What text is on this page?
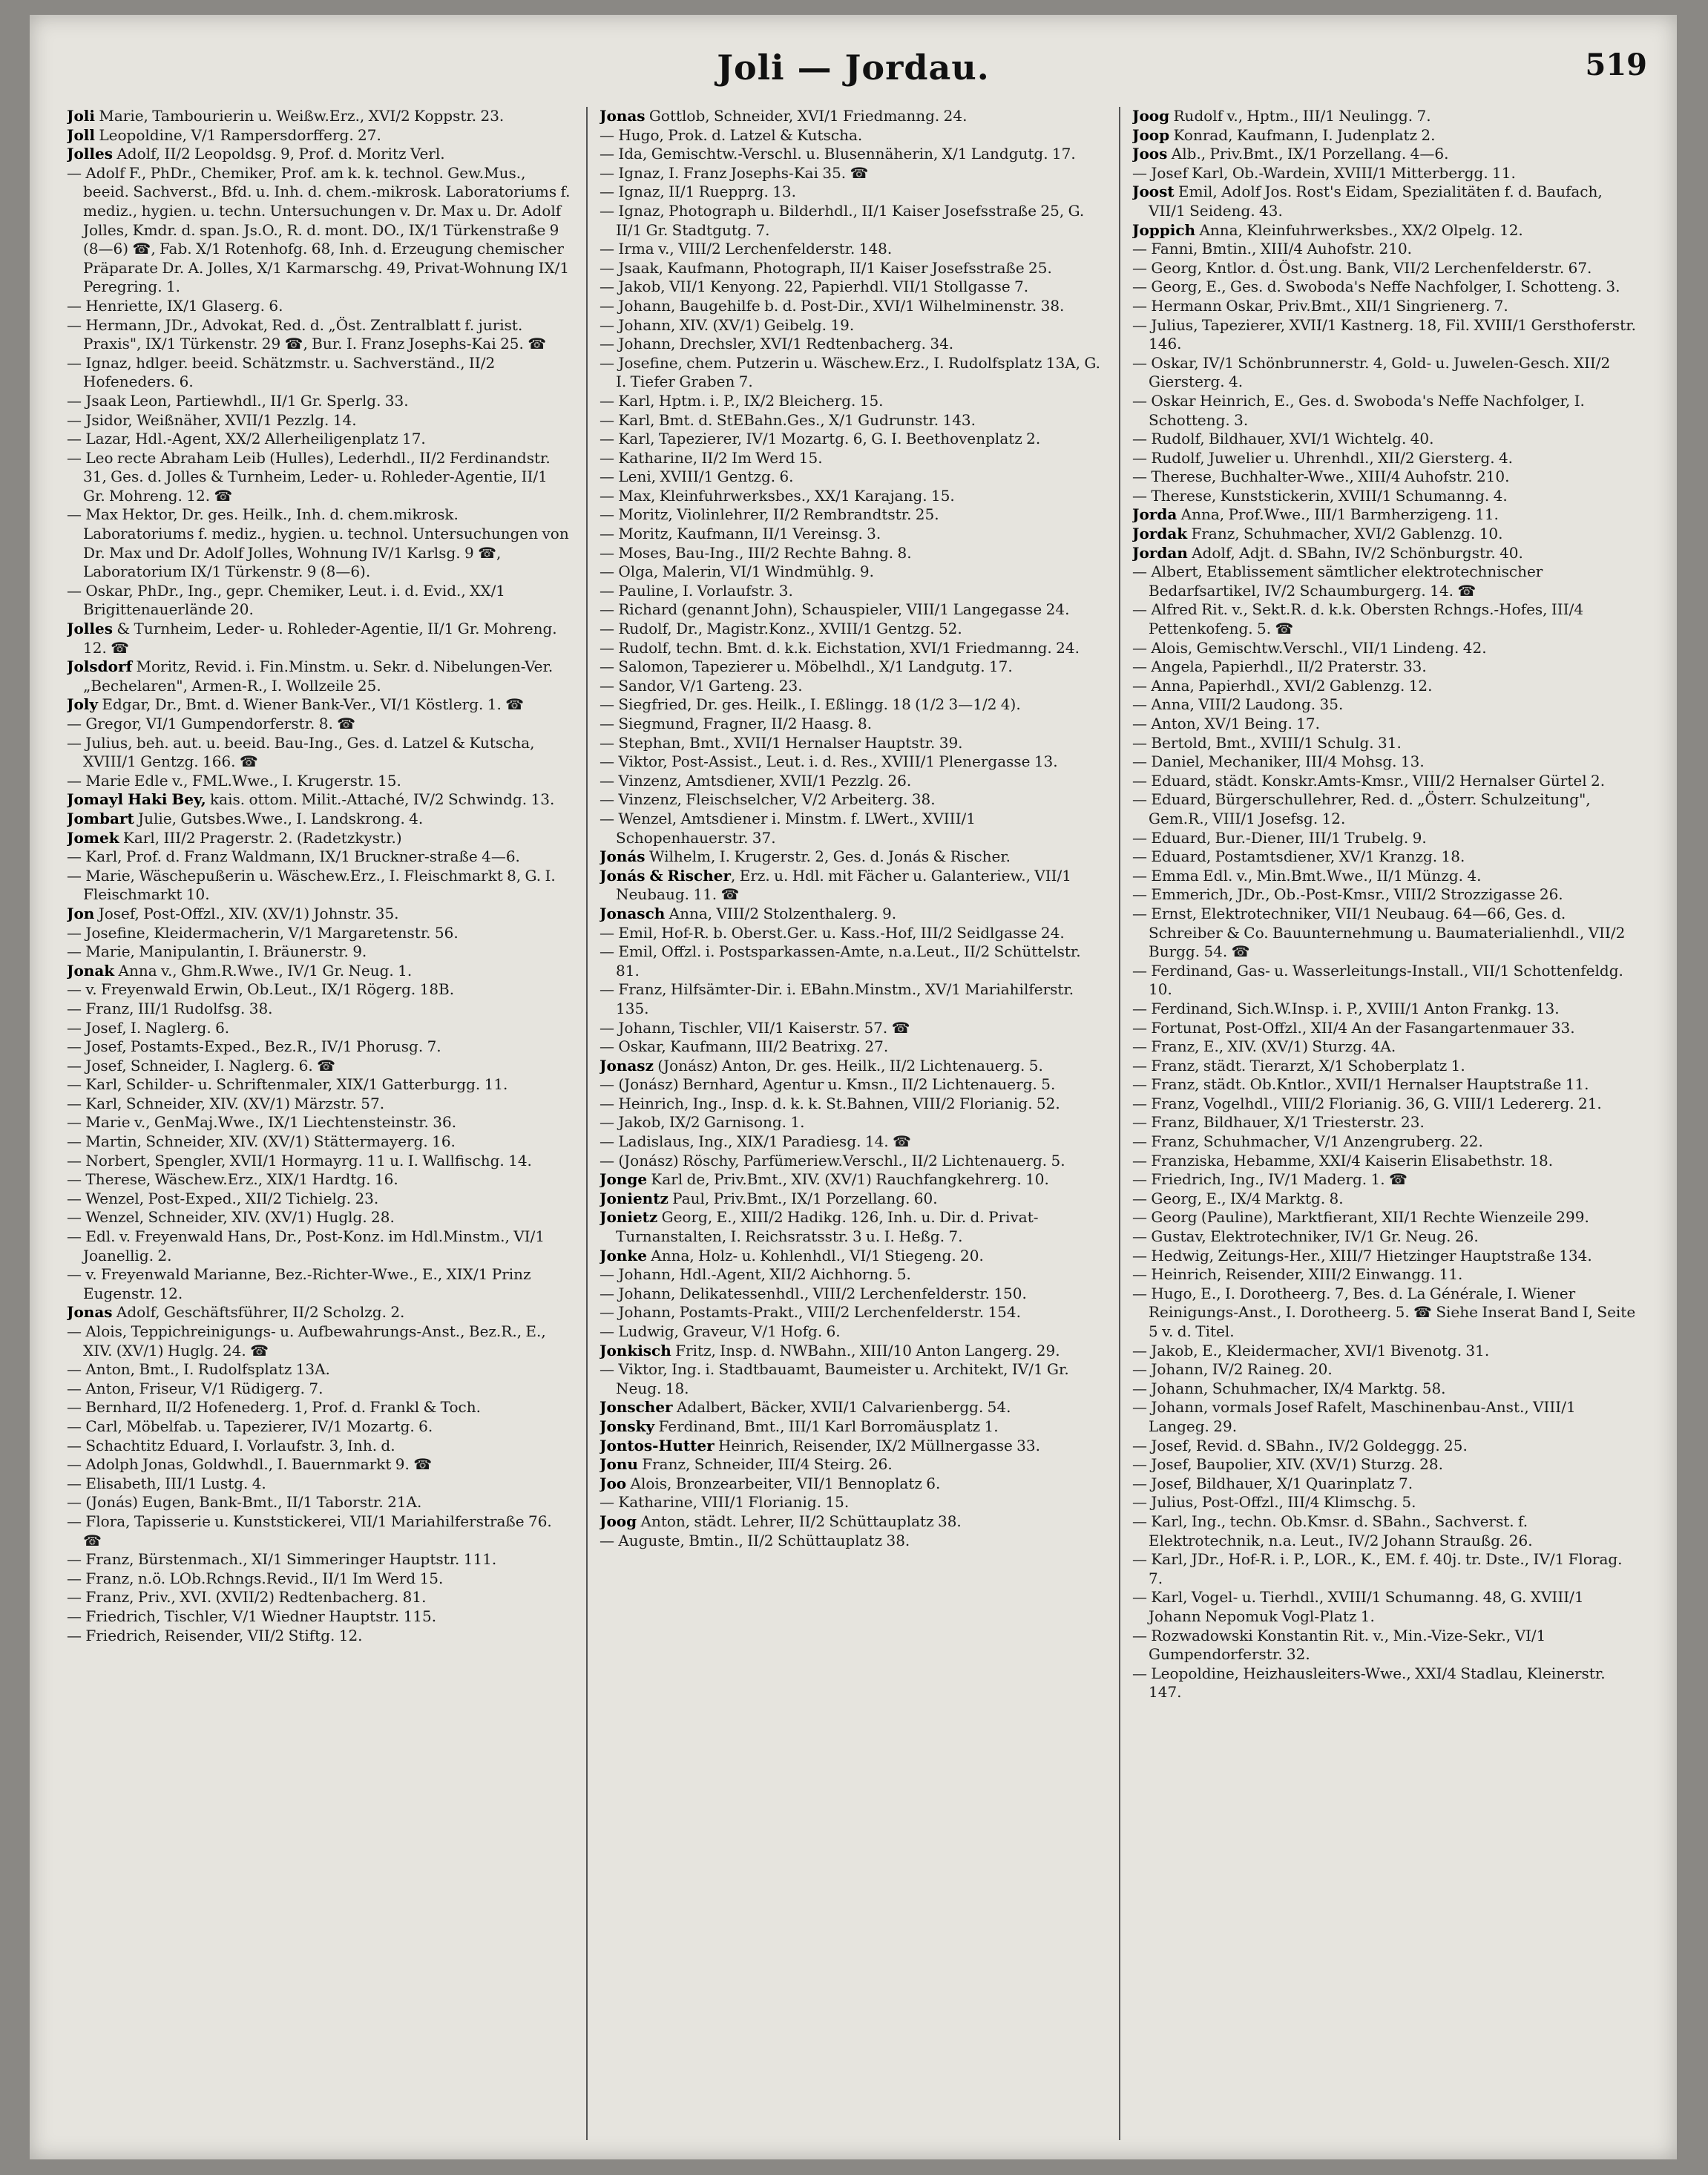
Joli — Jordau.	519
Joli Marie, Tambourierin u. Weißw.Erz., XVI/2 Koppstr. 23.
Joll Leopoldine, V/1 Rampersdorfferg. 27.
Jolles Adolf, II/2 Leopoldsg. 9, Prof. d. Moritz Verl.
— Adolf F., PhDr., Chemiker, Prof. am k. k. technol. Gew.Mus., beeid. Sachverst., Bfd. u. Inh. d. chem.-mikrosk. Laboratoriums f. mediz., hygien. u. techn. Untersuchungen v. Dr. Max u. Dr. Adolf Jolles, Kmdr. d. span. Js.O., R. d. mont. DO., IX/1 Türkenstraße 9 (8—6) ☎, Fab. X/1 Rotenhofg. 68, Inh. d. Erzeugung chemischer Präparate Dr. A. Jolles, X/1 Karmarschg. 49, Privat-Wohnung IX/1 Peregring. 1.
— Henriette, IX/1 Glaserg. 6.
— Hermann, JDr., Advokat, Red. d. „Öst. Zentralblatt f. jurist. Praxis", IX/1 Türkenstr. 29 ☎, Bur. I. Franz Josephs-Kai 25. ☎
— Ignaz, hdlger. beeid. Schätzmstr. u. Sachverständ., II/2 Hofeneders. 6.
— Jsaak Leon, Partiewhdl., II/1 Gr. Sperlg. 33.
— Jsidor, Weißnäher, XVII/1 Pezzlg. 14.
— Lazar, Hdl.-Agent, XX/2 Allerheiligenplatz 17.
— Leo recte Abraham Leib (Hulles), Lederhdl., II/2 Ferdinandstr. 31, Ges. d. Jolles & Turnheim, Leder- u. Rohleder-Agentie, II/1 Gr. Mohreng. 12. ☎
— Max Hektor, Dr. ges. Heilk., Inh. d. chem.mikrosk. Laboratoriums f. mediz., hygien. u. technol. Untersuchungen von Dr. Max und Dr. Adolf Jolles, Wohnung IV/1 Karlsg. 9 ☎, Laboratorium IX/1 Türkenstr. 9 (8—6).
— Oskar, PhDr., Ing., gepr. Chemiker, Leut. i. d. Evid., XX/1 Brigittenauerlände 20.
Jolles & Turnheim, Leder- u. Rohleder-Agentie, II/1 Gr. Mohreng. 12. ☎
Jolsdorf Moritz, Revid. i. Fin.Minstm. u. Sekr. d. Nibelungen-Ver. „Bechelaren", Armen-R., I. Wollzeile 25.
Joly Edgar, Dr., Bmt. d. Wiener Bank-Ver., VI/1 Köstlerg. 1. ☎
— Gregor, VI/1 Gumpendorferstr. 8. ☎
— Julius, beh. aut. u. beeid. Bau-Ing., Ges. d. Latzel & Kutscha, XVIII/1 Gentzg. 166. ☎
— Marie Edle v., FML.Wwe., I. Krugerstr. 15.
Jomayl Haki Bey, kais. ottom. Milit.-Attaché, IV/2 Schwindg. 13.
Jombart Julie, Gutsbes.Wwe., I. Landskrong. 4.
Jomek Karl, III/2 Pragerstr. 2. (Radetzkystr.)
— Karl, Prof. d. Franz Waldmann, IX/1 Bruckner-straße 4—6.
— Marie, Wäschepußerin u. Wäschew.Erz., I. Fleischmarkt 8, G. I. Fleischmarkt 10.
Jon Josef, Post-Offzl., XIV. (XV/1) Johnstr. 35.
— Josefine, Kleidermacherin, V/1 Margaretenstr. 56.
— Marie, Manipulantin, I. Bräunerstr. 9.
Jonak Anna v., Ghm.R.Wwe., IV/1 Gr. Neug. 1.
— v. Freyenwald Erwin, Ob.Leut., IX/1 Rögerg. 18B.
— Franz, III/1 Rudolfsg. 38.
— Josef, I. Naglerg. 6.
— Josef, Postamts-Exped., Bez.R., IV/1 Phorusg. 7.
— Josef, Schneider, I. Naglerg. 6. ☎
— Karl, Schilder- u. Schriftenmaler, XIX/1 Gatterburgg. 11.
— Karl, Schneider, XIV. (XV/1) Märzstr. 57.
— Marie v., GenMaj.Wwe., IX/1 Liechtensteinstr. 36.
— Martin, Schneider, XIV. (XV/1) Stättermayerg. 16.
— Norbert, Spengler, XVII/1 Hormayrg. 11 u. I. Wallfischg. 14.
— Therese, Wäschew.Erz., XIX/1 Hardtg. 16.
— Wenzel, Post-Exped., XII/2 Tichielg. 23.
— Wenzel, Schneider, XIV. (XV/1) Huglg. 28.
— Edl. v. Freyenwald Hans, Dr., Post-Konz. im Hdl.Minstm., VI/1 Joanellig. 2.
— v. Freyenwald Marianne, Bez.-Richter-Wwe., E., XIX/1 Prinz Eugenstr. 12.
Jonas Adolf, Geschäftsführer, II/2 Scholzg. 2.
— Alois, Teppichreinigungs- u. Aufbewahrungs-Anst., Bez.R., E., XIV. (XV/1) Huglg. 24. ☎
— Anton, Bmt., I. Rudolfsplatz 13A.
— Anton, Friseur, V/1 Rüdigerg. 7.
— Bernhard, II/2 Hofenederg. 1, Prof. d. Frankl & Toch.
— Carl, Möbelfab. u. Tapezierer, IV/1 Mozartg. 6.
— Schachtitz Eduard, I. Vorlaufstr. 3, Inh. d.
— Adolph Jonas, Goldwhdl., I. Bauernmarkt 9. ☎
— Elisabeth, III/1 Lustg. 4.
— (Jonás) Eugen, Bank-Bmt., II/1 Taborstr. 21A.
— Flora, Tapisserie u. Kunststickerei, VII/1 Mariahilferstraße 76. ☎
— Franz, Bürstenmach., XI/1 Simmeringer Hauptstr. 111.
— Franz, n.ö. LOb.Rchngs.Revid., II/1 Im Werd 15.
— Franz, Priv., XVI. (XVII/2) Redtenbacherg. 81.
— Friedrich, Tischler, V/1 Wiedner Hauptstr. 115.
— Friedrich, Reisender, VII/2 Stiftg. 12.
Jonas Gottlob, Schneider, XVI/1 Friedmanng. 24.
— Hugo, Prok. d. Latzel & Kutscha.
— Ida, Gemischtw.-Verschl. u. Blusennäherin, X/1 Landgutg. 17.
— Ignaz, I. Franz Josephs-Kai 35. ☎
— Ignaz, II/1 Ruepprg. 13.
— Ignaz, Photograph u. Bilderhdl., II/1 Kaiser Josefsstraße 25, G. II/1 Gr. Stadtgutg. 7.
— Irma v., VIII/2 Lerchenfelderstr. 148.
— Jsaak, Kaufmann, Photograph, II/1 Kaiser Josefsstraße 25.
— Jakob, VII/1 Kenyong. 22, Papierhdl. VII/1 Stollgasse 7.
— Johann, Baugehilfe b. d. Post-Dir., XVI/1 Wilhelminenstr. 38.
— Johann, XIV. (XV/1) Geibelg. 19.
— Johann, Drechsler, XVI/1 Redtenbacherg. 34.
— Josefine, chem. Putzerin u. Wäschew.Erz., I. Rudolfsplatz 13A, G. I. Tiefer Graben 7.
— Karl, Hptm. i. P., IX/2 Bleicherg. 15.
— Karl, Bmt. d. StEBahn.Ges., X/1 Gudrunstr. 143.
— Karl, Tapezierer, IV/1 Mozartg. 6, G. I. Beethovenplatz 2.
— Katharine, II/2 Im Werd 15.
— Leni, XVIII/1 Gentzg. 6.
— Max, Kleinfuhrwerksbes., XX/1 Karajang. 15.
— Moritz, Violinlehrer, II/2 Rembrandtstr. 25.
— Moritz, Kaufmann, II/1 Vereinsg. 3.
— Moses, Bau-Ing., III/2 Rechte Bahng. 8.
— Olga, Malerin, VI/1 Windmühlg. 9.
— Pauline, I. Vorlaufstr. 3.
— Richard (genannt John), Schauspieler, VIII/1 Langegasse 24.
— Rudolf, Dr., Magistr.Konz., XVIII/1 Gentzg. 52.
— Rudolf, techn. Bmt. d. k.k. Eichstation, XVI/1 Friedmanng. 24.
— Salomon, Tapezierer u. Möbelhdl., X/1 Landgutg. 17.
— Sandor, V/1 Garteng. 23.
— Siegfried, Dr. ges. Heilk., I. Eßlingg. 18 (1/2 3—1/2 4).
— Siegmund, Fragner, II/2 Haasg. 8.
— Stephan, Bmt., XVII/1 Hernalser Hauptstr. 39.
— Viktor, Post-Assist., Leut. i. d. Res., XVIII/1 Plenergasse 13.
— Vinzenz, Amtsdiener, XVII/1 Pezzlg. 26.
— Vinzenz, Fleischselcher, V/2 Arbeiterg. 38.
— Wenzel, Amtsdiener i. Minstm. f. LWert., XVIII/1 Schopenhauerstr. 37.
Jonás Wilhelm, I. Krugerstr. 2, Ges. d. Jonás & Rischer.
Jonás & Rischer, Erz. u. Hdl. mit Fächer u. Galanteriew., VII/1 Neubaug. 11. ☎
Jonasch Anna, VIII/2 Stolzenthalerg. 9.
— Emil, Hof-R. b. Oberst.Ger. u. Kass.-Hof, III/2 Seidlgasse 24.
— Emil, Offzl. i. Postsparkassen-Amte, n.a.Leut., II/2 Schüttelstr. 81.
— Franz, Hilfsämter-Dir. i. EBahn.Minstm., XV/1 Mariahilferstr. 135.
— Johann, Tischler, VII/1 Kaiserstr. 57. ☎
— Oskar, Kaufmann, III/2 Beatrixg. 27.
Jonasz (Jonász) Anton, Dr. ges. Heilk., II/2 Lichtenauerg. 5.
— (Jonász) Bernhard, Agentur u. Kmsn., II/2 Lichtenauerg. 5.
— Heinrich, Ing., Insp. d. k. k. St.Bahnen, VIII/2 Florianig. 52.
— Jakob, IX/2 Garnisong. 1.
— Ladislaus, Ing., XIX/1 Paradiesg. 14. ☎
— (Jonász) Röschy, Parfümeriew.Verschl., II/2 Lichtenauerg. 5.
Jonge Karl de, Priv.Bmt., XIV. (XV/1) Rauchfangkehrerg. 10.
Jonientz Paul, Priv.Bmt., IX/1 Porzellang. 60.
Jonietz Georg, E., XIII/2 Hadikg. 126, Inh. u. Dir. d. Privat-Turnanstalten, I. Reichsratsstr. 3 u. I. Heßg. 7.
Jonke Anna, Holz- u. Kohlenhdl., VI/1 Stiegeng. 20.
— Johann, Hdl.-Agent, XII/2 Aichhorng. 5.
— Johann, Delikatessenhdl., VIII/2 Lerchenfelderstr. 150.
— Johann, Postamts-Prakt., VIII/2 Lerchenfelderstr. 154.
— Ludwig, Graveur, V/1 Hofg. 6.
Jonkisch Fritz, Insp. d. NWBahn., XIII/10 Anton Langerg. 29.
— Viktor, Ing. i. Stadtbauamt, Baumeister u. Architekt, IV/1 Gr. Neug. 18.
Jonscher Adalbert, Bäcker, XVII/1 Calvarienbergg. 54.
Jonsky Ferdinand, Bmt., III/1 Karl Borromäusplatz 1.
Jontos-Hutter Heinrich, Reisender, IX/2 Müllnergasse 33.
Jonu Franz, Schneider, III/4 Steirg. 26.
Joo Alois, Bronzearbeiter, VII/1 Bennoplatz 6.
— Katharine, VIII/1 Florianig. 15.
Joog Anton, städt. Lehrer, II/2 Schüttauplatz 38.
— Auguste, Bmtin., II/2 Schüttauplatz 38.
Joog Rudolf v., Hptm., III/1 Neulingg. 7.
Joop Konrad, Kaufmann, I. Judenplatz 2.
Joos Alb., Priv.Bmt., IX/1 Porzellang. 4—6.
— Josef Karl, Ob.-Wardein, XVIII/1 Mitterbergg. 11.
Joost Emil, Adolf Jos. Rost's Eidam, Spezialitäten f. d. Baufach, VII/1 Seideng. 43.
Joppich Anna, Kleinfuhrwerksbes., XX/2 Olpelg. 12.
— Fanni, Bmtin., XIII/4 Auhofstr. 210.
— Georg, Kntlor. d. Öst.ung. Bank, VII/2 Lerchenfelderstr. 67.
— Georg, E., Ges. d. Swoboda's Neffe Nachfolger, I. Schotteng. 3.
— Hermann Oskar, Priv.Bmt., XII/1 Singrienerg. 7.
— Julius, Tapezierer, XVII/1 Kastnerg. 18, Fil. XVIII/1 Gersthoferstr. 146.
— Oskar, IV/1 Schönbrunnerstr. 4, Gold- u. Juwelen-Gesch. XII/2 Giersterg. 4.
— Oskar Heinrich, E., Ges. d. Swoboda's Neffe Nachfolger, I. Schotteng. 3.
— Rudolf, Bildhauer, XVI/1 Wichtelg. 40.
— Rudolf, Juwelier u. Uhrenhdl., XII/2 Giersterg. 4.
— Therese, Buchhalter-Wwe., XIII/4 Auhofstr. 210.
— Therese, Kunststickerin, XVIII/1 Schumanng. 4.
Jorda Anna, Prof.Wwe., III/1 Barmherzigeng. 11.
Jordak Franz, Schuhmacher, XVI/2 Gablenzg. 10.
Jordan Adolf, Adjt. d. SBahn, IV/2 Schönburgstr. 40.
— Albert, Etablissement sämtlicher elektrotechnischer Bedarfsartikel, IV/2 Schaumburgerg. 14. ☎
— Alfred Rit. v., Sekt.R. d. k.k. Obersten Rchngs.-Hofes, III/4 Pettenkofeng. 5. ☎
— Alois, Gemischtw.Verschl., VII/1 Lindeng. 42.
— Angela, Papierhdl., II/2 Praterstr. 33.
— Anna, Papierhdl., XVI/2 Gablenzg. 12.
— Anna, VIII/2 Laudong. 35.
— Anton, XV/1 Being. 17.
— Bertold, Bmt., XVIII/1 Schulg. 31.
— Daniel, Mechaniker, III/4 Mohsg. 13.
— Eduard, städt. Konskr.Amts-Kmsr., VIII/2 Hernalser Gürtel 2.
— Eduard, Bürgerschullehrer, Red. d. „Österr. Schulzeitung", Gem.R., VIII/1 Josefsg. 12.
— Eduard, Bur.-Diener, III/1 Trubelg. 9.
— Eduard, Postamtsdiener, XV/1 Kranzg. 18.
— Emma Edl. v., Min.Bmt.Wwe., II/1 Münzg. 4.
— Emmerich, JDr., Ob.-Post-Kmsr., VIII/2 Strozzigasse 26.
— Ernst, Elektrotechniker, VII/1 Neubaug. 64—66, Ges. d. Schreiber & Co. Bauunternehmung u. Baumaterialienhdl., VII/2 Burgg. 54. ☎
— Ferdinand, Gas- u. Wasserleitungs-Install., VII/1 Schottenfeldg. 10.
— Ferdinand, Sich.W.Insp. i. P., XVIII/1 Anton Frankg. 13.
— Fortunat, Post-Offzl., XII/4 An der Fasangartenmauer 33.
— Franz, E., XIV. (XV/1) Sturzg. 4A.
— Franz, städt. Tierarzt, X/1 Schoberplatz 1.
— Franz, städt. Ob.Kntlor., XVII/1 Hernalser Hauptstraße 11.
— Franz, Vogelhdl., VIII/2 Florianig. 36, G. VIII/1 Ledererg. 21.
— Franz, Bildhauer, X/1 Triesterstr. 23.
— Franz, Schuhmacher, V/1 Anzengruberg. 22.
— Franziska, Hebamme, XXI/4 Kaiserin Elisabethstr. 18.
— Friedrich, Ing., IV/1 Maderg. 1. ☎
— Georg, E., IX/4 Marktg. 8.
— Georg (Pauline), Marktfierant, XII/1 Rechte Wienzeile 299.
— Gustav, Elektrotechniker, IV/1 Gr. Neug. 26.
— Hedwig, Zeitungs-Her., XIII/7 Hietzinger Hauptstraße 134.
— Heinrich, Reisender, XIII/2 Einwangg. 11.
— Hugo, E., I. Dorotheerg. 7, Bes. d. La Générale, I. Wiener Reinigungs-Anst., I. Dorotheerg. 5. ☎ Siehe Inserat Band I, Seite 5 v. d. Titel.
— Jakob, E., Kleidermacher, XVI/1 Bivenotg. 31.
— Johann, IV/2 Raineg. 20.
— Johann, Schuhmacher, IX/4 Marktg. 58.
— Johann, vormals Josef Rafelt, Maschinenbau-Anst., VIII/1 Langeg. 29.
— Josef, Revid. d. SBahn., IV/2 Goldeggg. 25.
— Josef, Baupolier, XIV. (XV/1) Sturzg. 28.
— Josef, Bildhauer, X/1 Quarinplatz 7.
— Julius, Post-Offzl., III/4 Klimschg. 5.
— Karl, Ing., techn. Ob.Kmsr. d. SBahn., Sachverst. f. Elektrotechnik, n.a. Leut., IV/2 Johann Straußg. 26.
— Karl, JDr., Hof-R. i. P., LOR., K., EM. f. 40j. tr. Dste., IV/1 Florag. 7.
— Karl, Vogel- u. Tierhdl., XVIII/1 Schumanng. 48, G. XVIII/1 Johann Nepomuk Vogl-Platz 1.
— Rozwadowski Konstantin Rit. v., Min.-Vize-Sekr., VI/1 Gumpendorferstr. 32.
— Leopoldine, Heizhausleiters-Wwe., XXI/4 Stadlau, Kleinerstr. 147.
